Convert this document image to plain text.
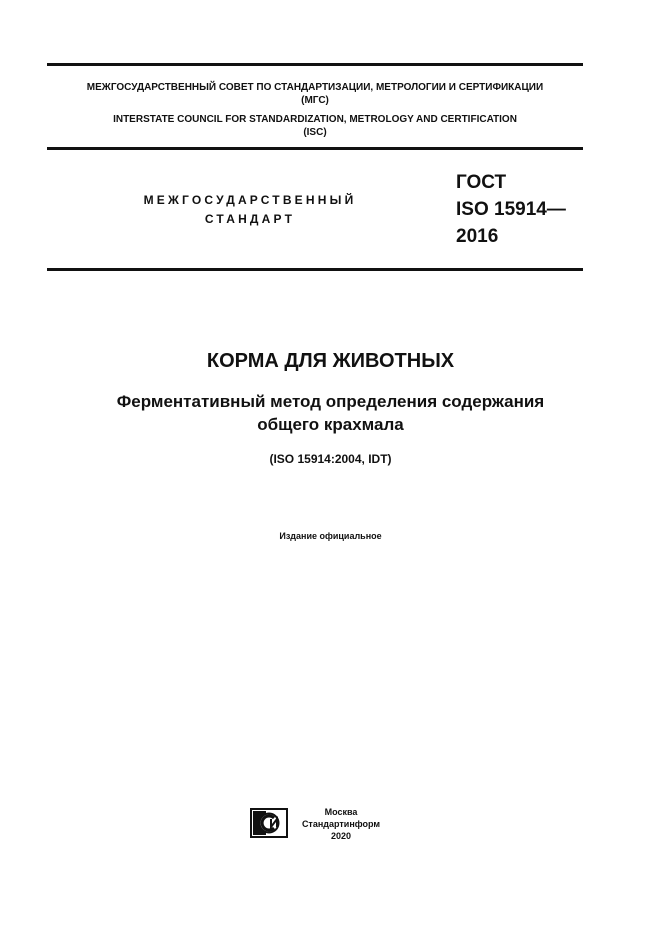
МЕЖГОСУДАРСТВЕННЫЙ СОВЕТ ПО СТАНДАРТИЗАЦИИ, МЕТРОЛОГИИ И СЕРТИФИКАЦИИ
(МГС)
INTERSTATE COUNCIL FOR STANDARDIZATION, METROLOGY AND CERTIFICATION
(ISC)
МЕЖГОСУДАРСТВЕННЫЙ
СТАНДАРТ
ГОСТ
ISO 15914—
2016
КОРМА ДЛЯ ЖИВОТНЫХ
Ферментативный метод определения содержания
общего крахмала
(ISO 15914:2004, IDT)
Издание официальное
Москва
Стандартинформ
2020
